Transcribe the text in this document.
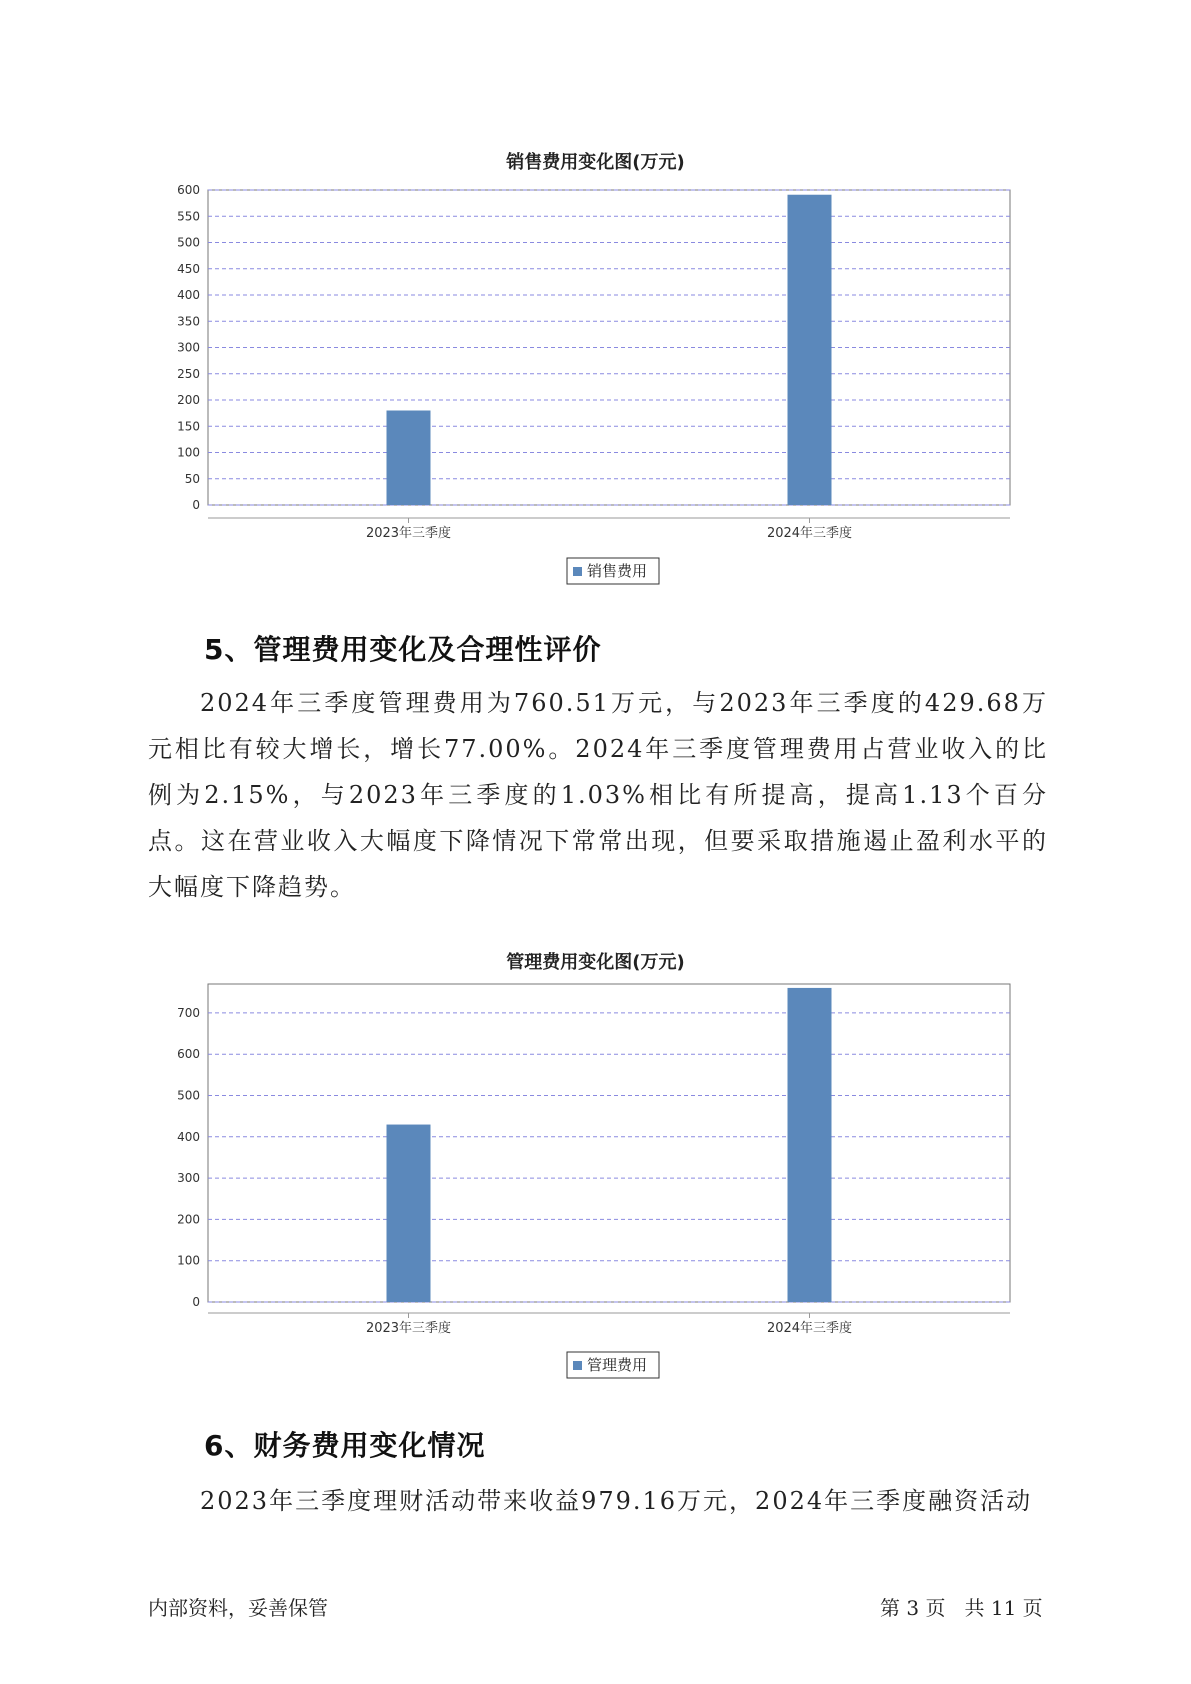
销售费用变化图(万元)
0
50
100
150
200
250
300
350
400
450
500
550
600
2023年三季度	2024年三季度
销售费用
5、管理费用变化及合理性评价
2024年三季度管理费用为760.51万元，与2023年三季度的429.68万元相比有较大增长，增长77.00%。2024年三季度管理费用占营业收入的比例为2.15%，与2023年三季度的1.03%相比有所提高，提高1.13个百分点。这在营业收入大幅度下降情况下常常出现，但要采取措施遏止盈利水平的大幅度下降趋势。
管理费用变化图(万元)
0
100
200
300
400
500
600
700
2023年三季度	2024年三季度
管理费用
6、财务费用变化情况
2023年三季度理财活动带来收益979.16万元，2024年三季度融资活动
内部资料，妥善保管	第 3 页   共 11 页
